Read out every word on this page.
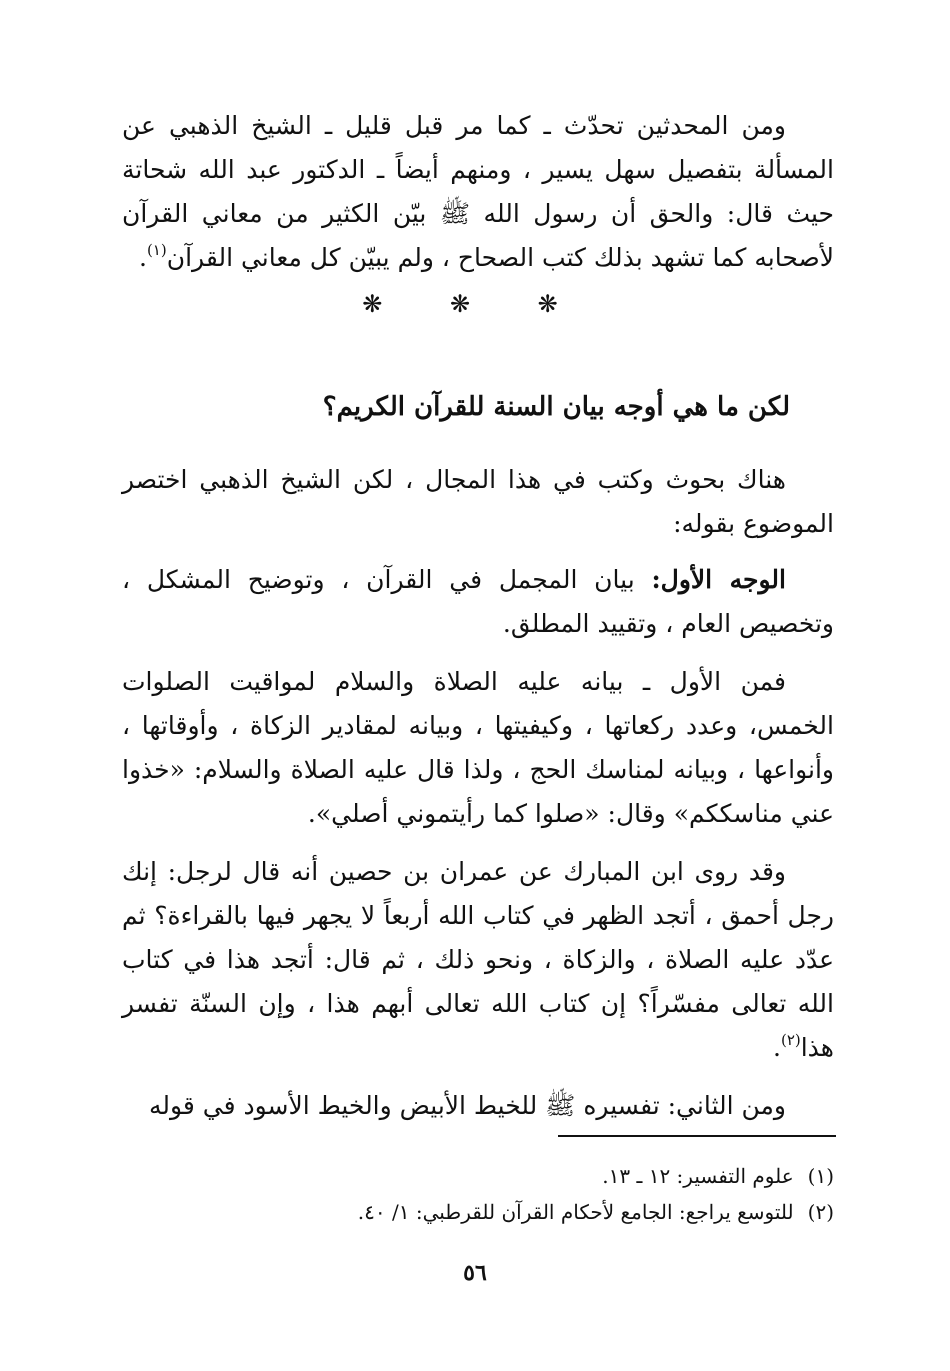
ومن المحدثين تحدّث ـ كما مر قبل قليل ـ الشيخ الذهبي عن المسألة بتفصيل سهل يسير ، ومنهم أيضاً ـ الدكتور عبد الله شحاتة حيث قال: والحق أن رسول الله ﷺ بيّن الكثير من معاني القرآن لأصحابه كما تشهد بذلك كتب الصحاح ، ولم يبيّن كل معاني القرآن$^{(١)}$.

❋ ❋ ❋
لكن ما هي أوجه بيان السنة للقرآن الكريم؟

هناك بحوث وكتب في هذا المجال ، لكن الشيخ الذهبي اختصر الموضوع بقوله:

الوجه الأول: بيان المجمل في القرآن ، وتوضيح المشكل ، وتخصيص العام ، وتقييد المطلق.

فمن الأول ـ بيانه عليه الصلاة والسلام لمواقيت الصلوات الخمس، وعدد ركعاتها ، وكيفيتها ، وبيانه لمقادير الزكاة ، وأوقاتها ، وأنواعها ، وبيانه لمناسك الحج ، ولذا قال عليه الصلاة والسلام: «خذوا عني مناسككم» وقال: «صلوا كما رأيتموني أصلي».

وقد روى ابن المبارك عن عمران بن حصين أنه قال لرجل: إنك رجل أحمق ، أتجد الظهر في كتاب الله أربعاً لا يجهر فيها بالقراءة؟ ثم عدّد عليه الصلاة ، والزكاة ، ونحو ذلك ، ثم قال: أتجد هذا في كتاب الله تعالى مفسّراً؟ إن كتاب الله تعالى أبهم هذا ، وإن السنّة تفسر هذا$^{(٢)}$.

ومن الثاني: تفسيره ﷺ للخيط الأبيض والخيط الأسود في قوله

(١)علوم التفسير: ١٢ ـ ١٣.
(٢)للتوسع يراجع: الجامع لأحكام القرآن للقرطبي: ١/ ٤٠.
٥٦
